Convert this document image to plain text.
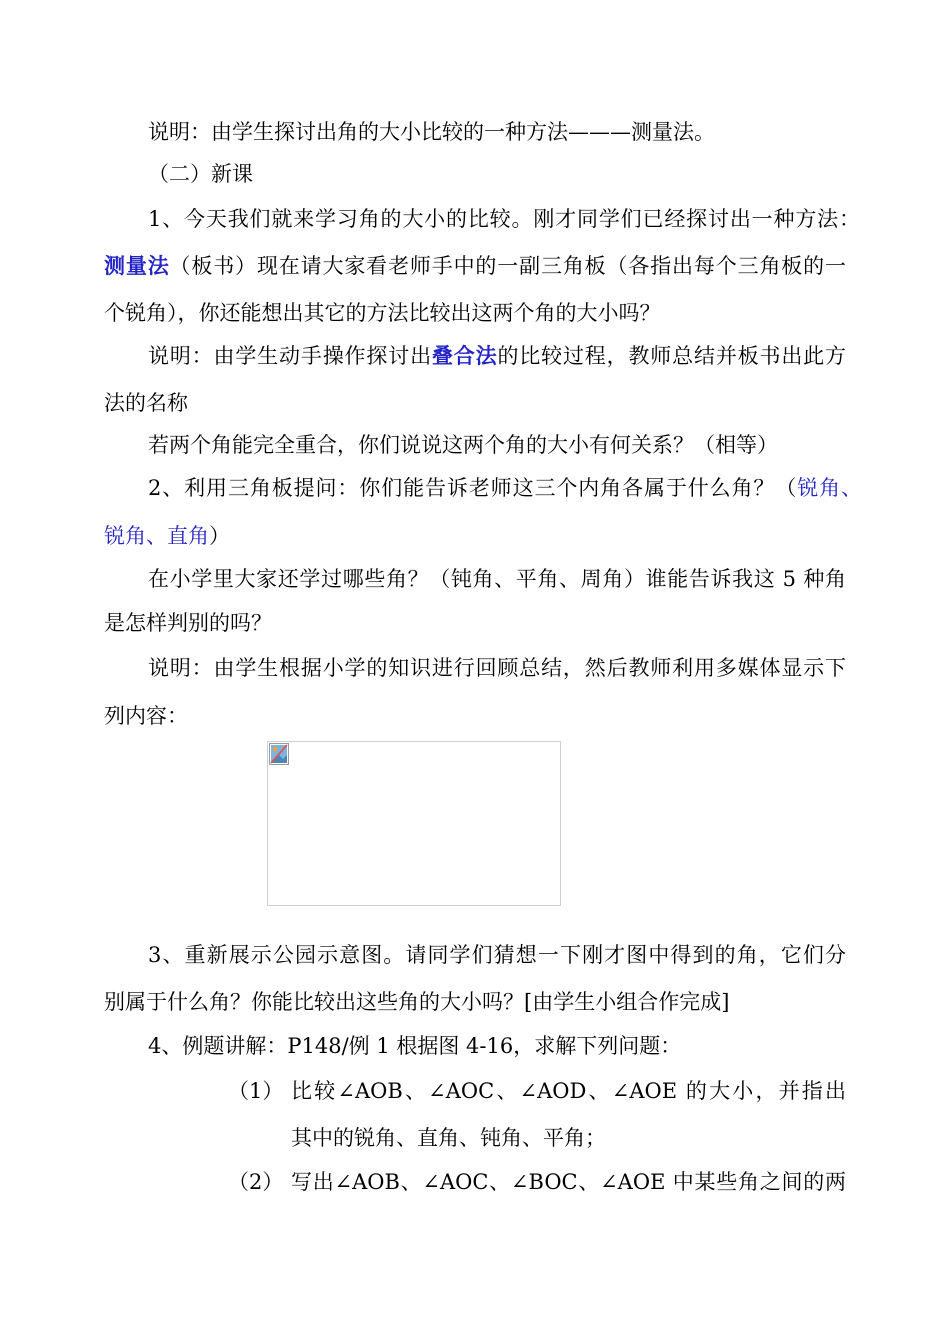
说明：由学生探讨出角的大小比较的一种方法———测量法。
（二）新课
1、今天我们就来学习角的大小的比较。刚才同学们已经探讨出一种方法：
测量法（板书）现在请大家看老师手中的一副三角板（各指出每个三角板的一
个锐角），你还能想出其它的方法比较出这两个角的大小吗？
说明：由学生动手操作探讨出叠合法的比较过程，教师总结并板书出此方
法的名称
若两个角能完全重合，你们说说这两个角的大小有何关系？（相等）
2、利用三角板提问：你们能告诉老师这三个内角各属于什么角？（锐角、
锐角、直角）
在小学里大家还学过哪些角？（钝角、平角、周角）谁能告诉我这 5 种角
是怎样判别的吗？
说明：由学生根据小学的知识进行回顾总结，然后教师利用多媒体显示下
列内容：
3、重新展示公园示意图。请同学们猜想一下刚才图中得到的角，它们分
别属于什么角？你能比较出这些角的大小吗？[由学生小组合作完成]
4、例题讲解：P148/例 1 根据图 4-16，求解下列问题：
（1） 比较∠AOB、∠AOC、∠AOD、∠AOE 的大小，并指出
其中的锐角、直角、钝角、平角；
（2） 写出∠AOB、∠AOC、∠BOC、∠AOE 中某些角之间的两
